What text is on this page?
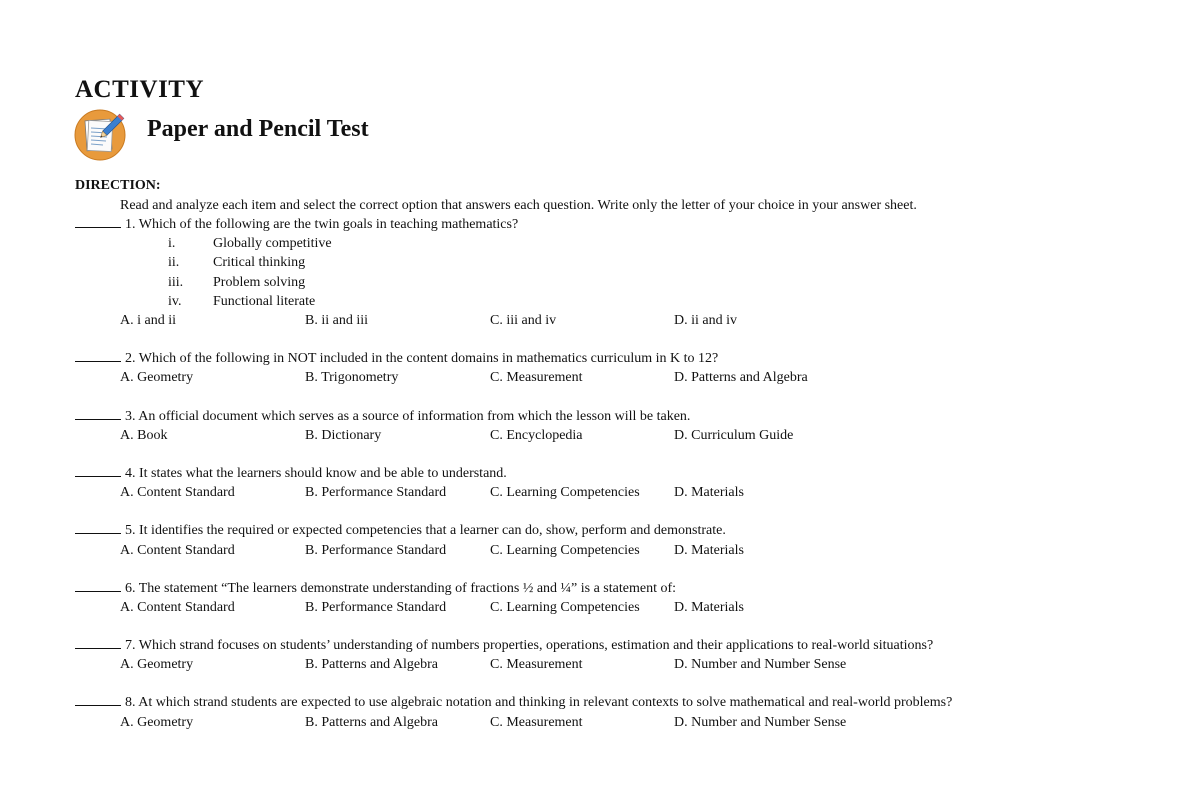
ACTIVITY
Paper and Pencil Test
DIRECTION:
Read and analyze each item and select the correct option that answers each question. Write only the letter of your choice in your answer sheet.
1. Which of the following are the twin goals in teaching mathematics?
i.	Globally competitive
ii. Critical thinking
iii. Problem solving
iv. Functional literate
A. i and ii	B. ii and iii	C. iii and iv	D. ii and iv
2. Which of the following in NOT included in the content domains in mathematics curriculum in K to 12?
A. Geometry	B. Trigonometry	C. Measurement	D. Patterns and Algebra
3. An official document which serves as a source of information from which the lesson will be taken.
A. Book	B. Dictionary	C. Encyclopedia	D. Curriculum Guide
4. It states what the learners should know and be able to understand.
A. Content Standard	B. Performance Standard	C. Learning Competencies D. Materials
5. It identifies the required or expected competencies that a learner can do, show, perform and demonstrate.
A. Content Standard	B. Performance Standard	C. Learning Competencies D. Materials
6. The statement “The learners demonstrate understanding of fractions ½ and ¼” is a statement of:
A. Content Standard	B. Performance Standard	C. Learning Competencies D. Materials
7. Which strand focuses on students’ understanding of numbers properties, operations, estimation and their applications to real-world situations?
A. Geometry	B. Patterns and Algebra	C. Measurement	D. Number and Number Sense
8. At which strand students are expected to use algebraic notation and thinking in relevant contexts to solve mathematical and real-world problems?
A. Geometry	B. Patterns and Algebra	C. Measurement	D. Number and Number Sense
